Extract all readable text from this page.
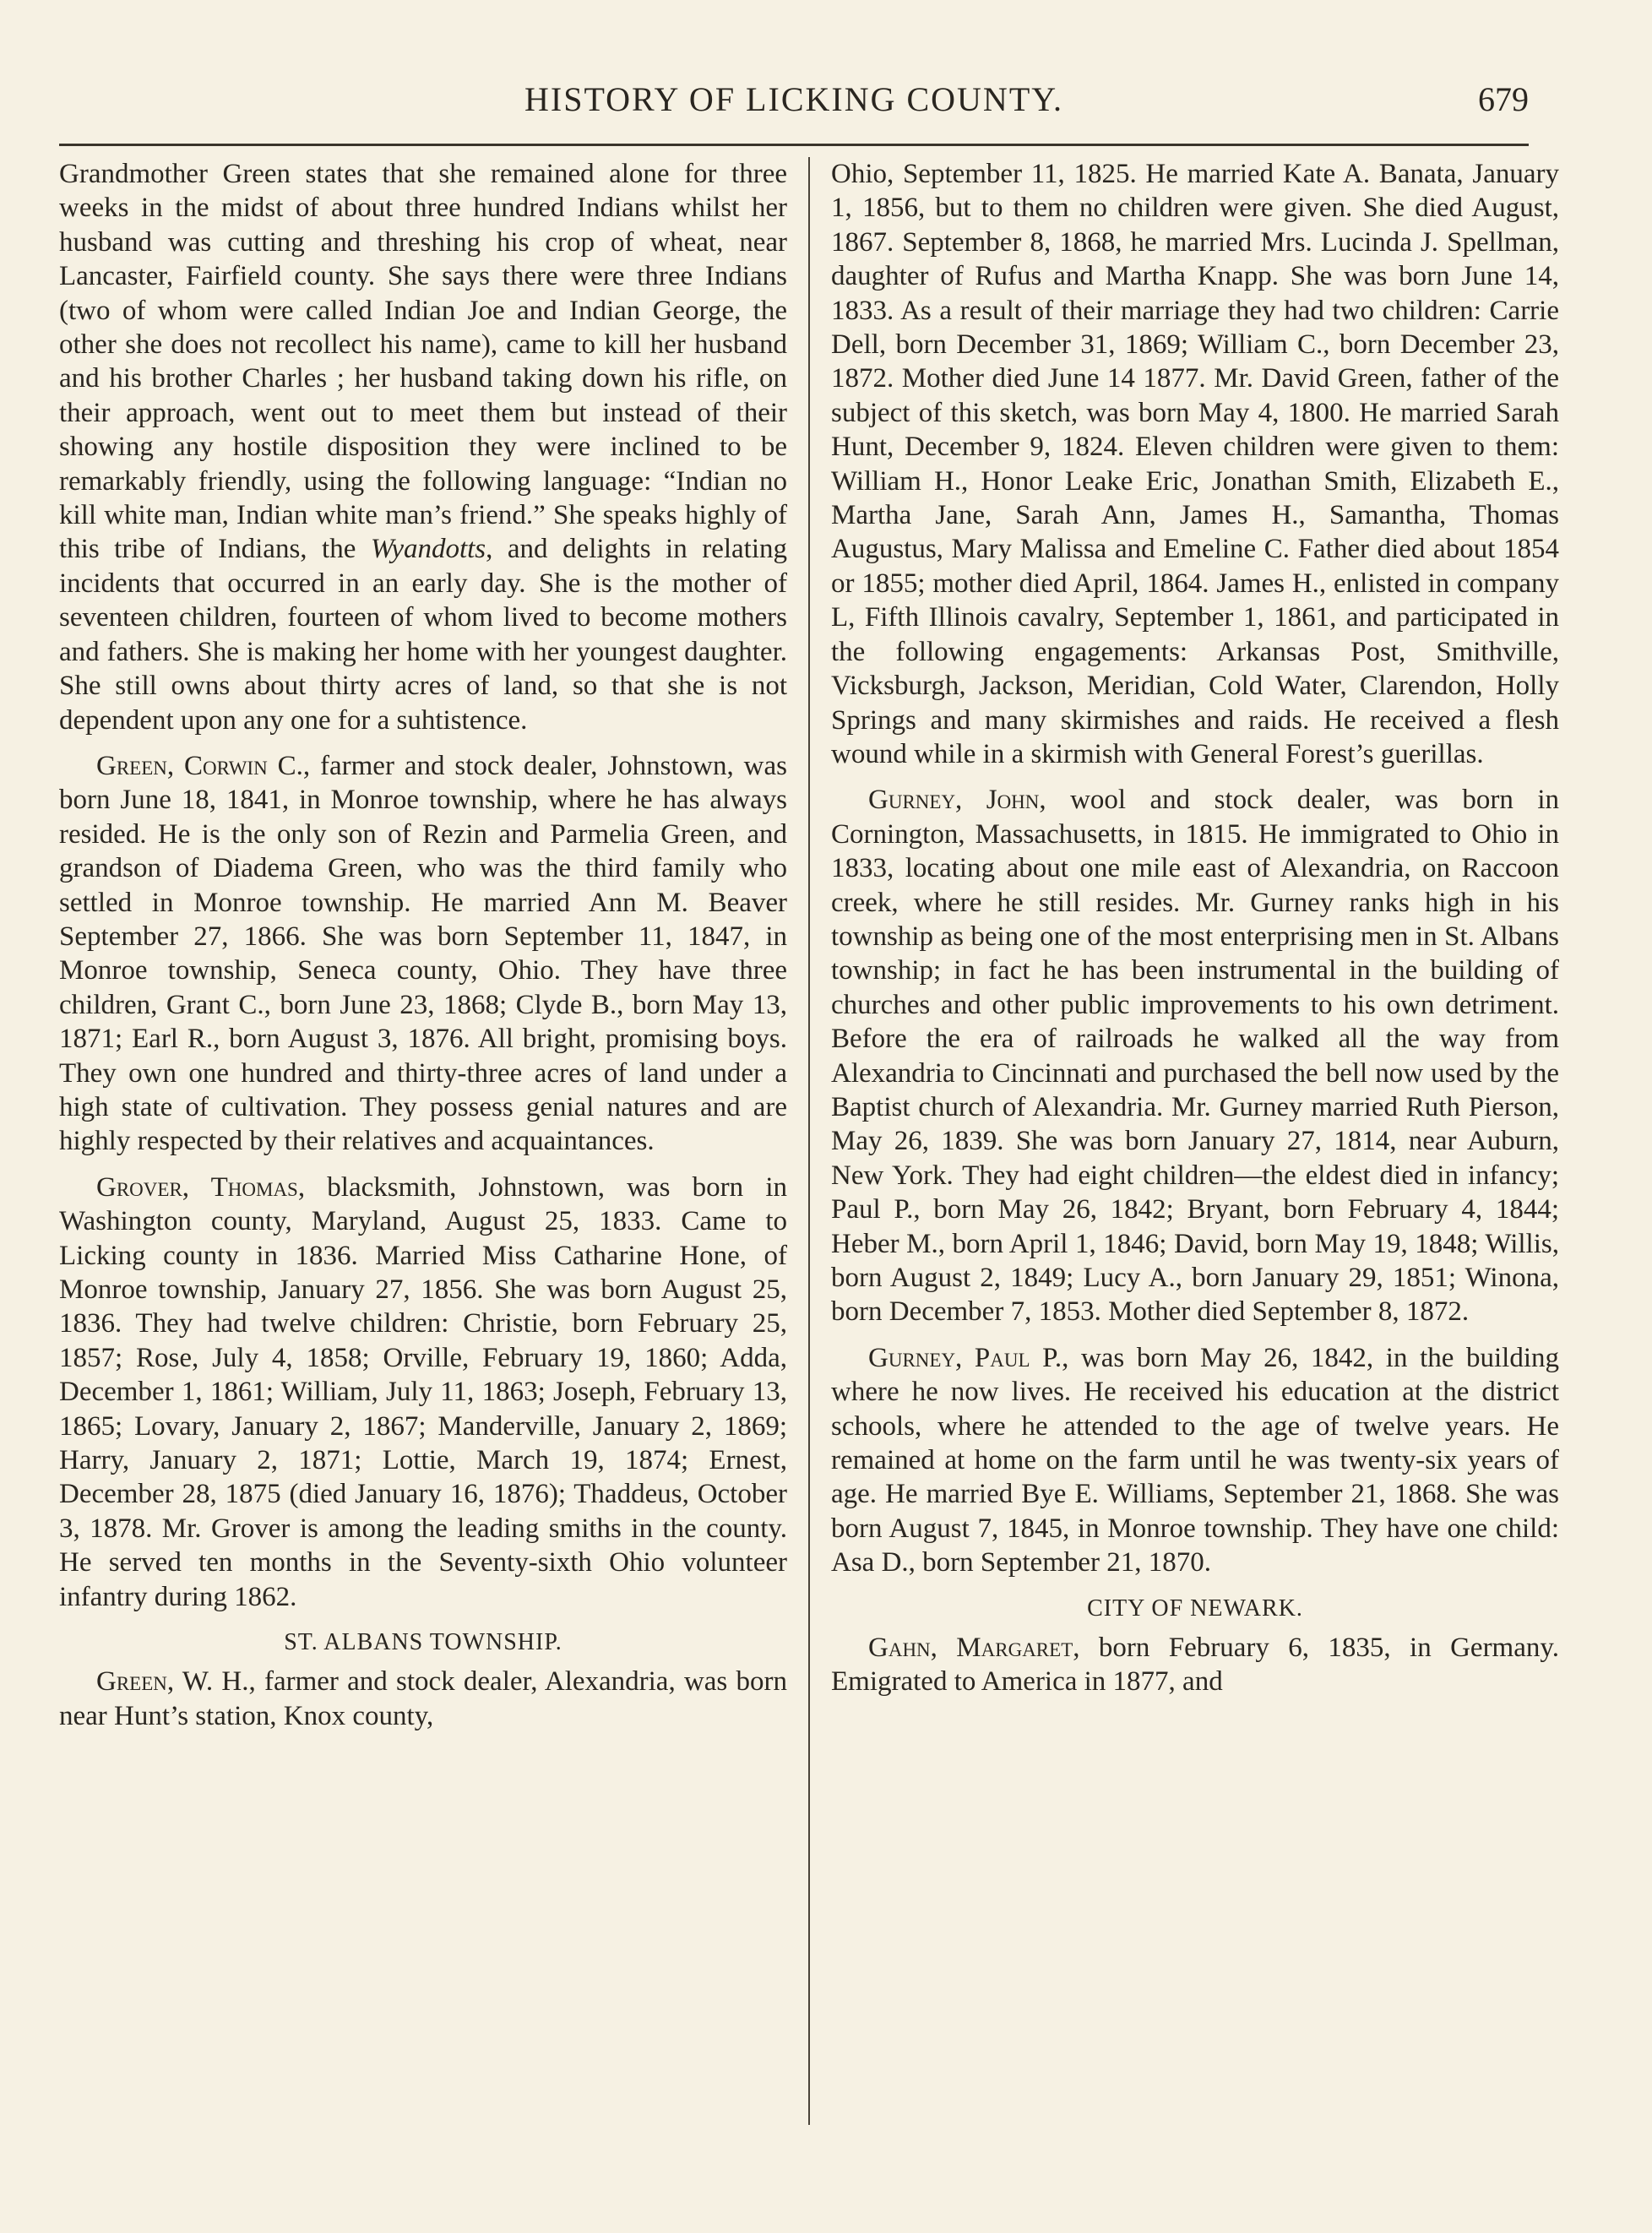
HISTORY OF LICKING COUNTY.	679

Grandmother Green states that she remained alone for three weeks in the midst of about three hundred Indians whilst her husband was cutting and threshing his crop of wheat, near Lancaster, Fairfield county. She says there were three Indians (two of whom were called Indian Joe and Indian George, the other she does not recollect his name), came to kill her husband and his brother Charles ; her husband taking down his rifle, on their approach, went out to meet them but instead of their showing any hostile disposition they were inclined to be remarkably friendly, using the following language: “Indian no kill white man, Indian white man’s friend.” She speaks highly of this tribe of Indians, the Wyandotts, and delights in relating incidents that occurred in an early day. She is the mother of seventeen children, fourteen of whom lived to become mothers and fathers. She is making her home with her youngest daughter. She still owns about thirty acres of land, so that she is not dependent upon any one for a suhtistence.

Green, Corwin C., farmer and stock dealer, Johnstown, was born June 18, 1841, in Monroe township, where he has always resided. He is the only son of Rezin and Parmelia Green, and grandson of Diadema Green, who was the third family who settled in Monroe township. He married Ann M. Beaver September 27, 1866. She was born September 11, 1847, in Monroe township, Seneca county, Ohio. They have three children, Grant C., born June 23, 1868; Clyde B., born May 13, 1871; Earl R., born August 3, 1876. All bright, promising boys. They own one hundred and thirty-three acres of land under a high state of cultivation. They possess genial natures and are highly respected by their relatives and acquaintances.

Grover, Thomas, blacksmith, Johnstown, was born in Washington county, Maryland, August 25, 1833. Came to Licking county in 1836. Married Miss Catharine Hone, of Monroe township, January 27, 1856. She was born August 25, 1836. They had twelve children: Christie, born February 25, 1857; Rose, July 4, 1858; Orville, February 19, 1860; Adda, December 1, 1861; William, July 11, 1863; Joseph, February 13, 1865; Lovary, January 2, 1867; Manderville, January 2, 1869; Harry, January 2, 1871; Lottie, March 19, 1874; Ernest, December 28, 1875 (died January 16, 1876); Thaddeus, October 3, 1878. Mr. Grover is among the leading smiths in the county. He served ten months in the Seventy-sixth Ohio volunteer infantry during 1862.

ST. ALBANS TOWNSHIP.

Green, W. H., farmer and stock dealer, Alexandria, was born near Hunt’s station, Knox county,

Ohio, September 11, 1825. He married Kate A. Banata, January 1, 1856, but to them no children were given. She died August, 1867. September 8, 1868, he married Mrs. Lucinda J. Spellman, daughter of Rufus and Martha Knapp. She was born June 14, 1833. As a result of their marriage they had two children: Carrie Dell, born December 31, 1869; William C., born December 23, 1872. Mother died June 14 1877. Mr. David Green, father of the subject of this sketch, was born May 4, 1800. He married Sarah Hunt, December 9, 1824. Eleven children were given to them: William H., Honor Leake Eric, Jonathan Smith, Elizabeth E., Martha Jane, Sarah Ann, James H., Samantha, Thomas Augustus, Mary Malissa and Emeline C. Father died about 1854 or 1855; mother died April, 1864. James H., enlisted in company L, Fifth Illinois cavalry, September 1, 1861, and participated in the following engagements: Arkansas Post, Smithville, Vicksburgh, Jackson, Meridian, Cold Water, Clarendon, Holly Springs and many skirmishes and raids. He received a flesh wound while in a skirmish with General Forest’s guerillas.

Gurney, John, wool and stock dealer, was born in Cornington, Massachusetts, in 1815. He immigrated to Ohio in 1833, locating about one mile east of Alexandria, on Raccoon creek, where he still resides. Mr. Gurney ranks high in his township as being one of the most enterprising men in St. Albans township; in fact he has been instrumental in the building of churches and other public improvements to his own detriment. Before the era of railroads he walked all the way from Alexandria to Cincinnati and purchased the bell now used by the Baptist church of Alexandria. Mr. Gurney married Ruth Pierson, May 26, 1839. She was born January 27, 1814, near Auburn, New York. They had eight children—the eldest died in infancy; Paul P., born May 26, 1842; Bryant, born February 4, 1844; Heber M., born April 1, 1846; David, born May 19, 1848; Willis, born August 2, 1849; Lucy A., born January 29, 1851; Winona, born December 7, 1853. Mother died September 8, 1872.

Gurney, Paul P., was born May 26, 1842, in the building where he now lives. He received his education at the district schools, where he attended to the age of twelve years. He remained at home on the farm until he was twenty-six years of age. He married Bye E. Williams, September 21, 1868. She was born August 7, 1845, in Monroe township. They have one child: Asa D., born September 21, 1870.

CITY OF NEWARK.

Gahn, Margaret, born February 6, 1835, in Germany. Emigrated to America in 1877, and
